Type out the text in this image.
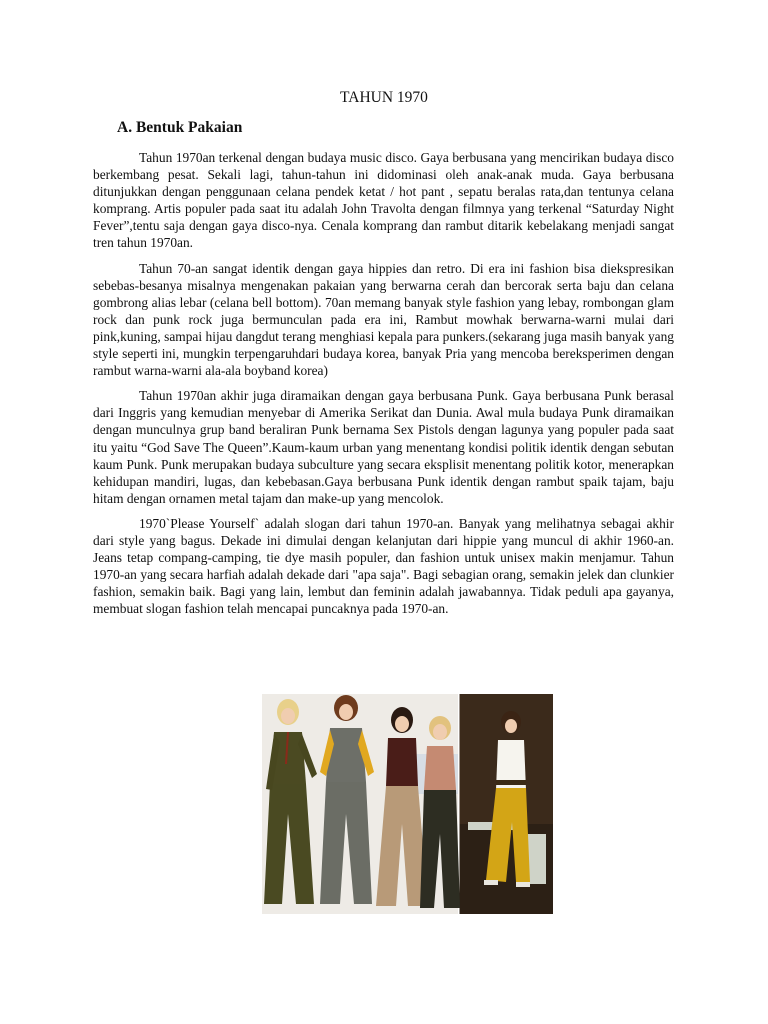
TAHUN 1970
A. Bentuk Pakaian

Tahun 1970an terkenal dengan budaya music disco. Gaya berbusana yang mencirikan budaya disco berkembang pesat. Sekali lagi, tahun-tahun ini didominasi oleh anak-anak muda. Gaya berbusana ditunjukkan dengan penggunaan celana pendek ketat / hot pant , sepatu beralas rata,dan tentunya celana komprang. Artis populer pada saat itu adalah John Travolta dengan filmnya yang terkenal “Saturday Night Fever”,tentu saja dengan gaya disco-nya. Cenala komprang dan rambut ditarik kebelakang menjadi sangat tren tahun 1970an.

Tahun 70-an sangat identik dengan gaya hippies dan retro. Di era ini fashion bisa diekspresikan sebebas-besanya misalnya mengenakan pakaian yang berwarna cerah dan bercorak serta baju dan celana gombrong alias lebar (celana bell bottom). 70an memang banyak style fashion yang lebay, rombongan glam rock dan punk rock juga bermunculan pada era ini, Rambut mowhak berwarna-warni mulai dari pink,kuning, sampai hijau dangdut terang menghiasi kepala para punkers.(sekarang juga masih banyak yang style seperti ini, mungkin terpengaruhdari budaya korea, banyak Pria yang mencoba bereksperimen dengan rambut warna-warni ala-ala boyband korea)

Tahun 1970an akhir juga diramaikan dengan gaya berbusana Punk. Gaya berbusana Punk berasal dari Inggris yang kemudian menyebar di Amerika Serikat dan Dunia. Awal mula budaya Punk diramaikan dengan munculnya grup band beraliran Punk bernama Sex Pistols dengan lagunya yang populer pada saat itu yaitu “God Save The Queen”.Kaum-kaum urban yang menentang kondisi politik identik dengan sebutan kaum Punk. Punk merupakan budaya subculture yang secara eksplisit menentang politik kotor, menerapkan kehidupan mandiri, lugas, dan kebebasan.Gaya berbusana Punk identik dengan rambut spaik tajam, baju hitam dengan ornamen metal tajam dan make-up yang mencolok.

1970`Please Yourself` adalah slogan dari tahun 1970-an. Banyak yang melihatnya sebagai akhir dari style yang bagus. Dekade ini dimulai dengan kelanjutan dari hippie yang muncul di akhir 1960-an. Jeans tetap compang-camping, tie dye masih populer, dan fashion untuk unisex makin menjamur. Tahun 1970-an yang secara harfiah adalah dekade dari "apa saja". Bagi sebagian orang, semakin jelek dan clunkier fashion, semakin baik. Bagi yang lain, lembut dan feminin adalah jawabannya. Tidak peduli apa gayanya, membuat slogan fashion telah mencapai puncaknya pada 1970-an.
